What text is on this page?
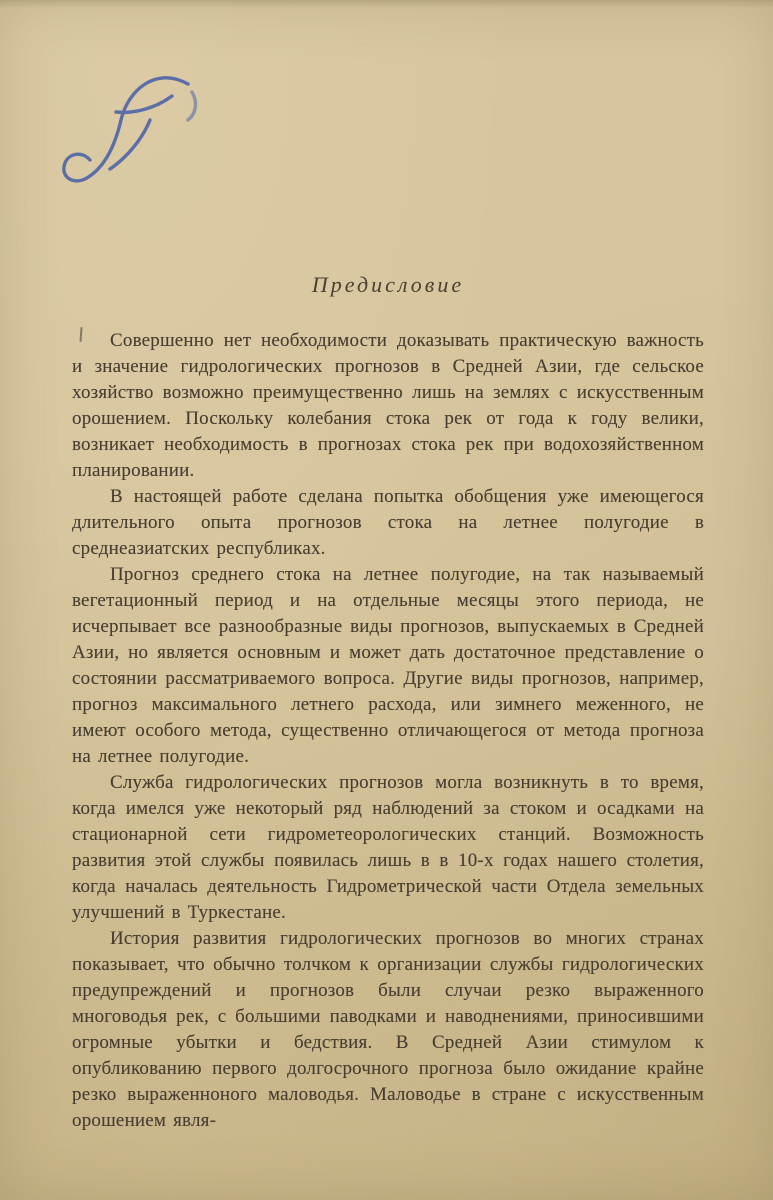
Предисловие

Совершенно нет необходимости доказывать практическую важность и значение гидрологических прогнозов в Средней Азии, где сельское хозяйство возможно преимущественно лишь на землях с искусственным орошением. Поскольку колебания стока рек от года к году велики, возникает необходимость в прогнозах стока рек при водохозяйственном планировании.

В настоящей работе сделана попытка обобщения уже имеющегося длительного опыта прогнозов стока на летнее полугодие в среднеазиатских республиках.

Прогноз среднего стока на летнее полугодие, на так называемый вегетационный период и на отдельные месяцы этого периода, не исчерпывает все разнообразные виды прогнозов, выпускаемых в Средней Азии, но является основным и может дать достаточное представление о состоянии рассматриваемого вопроса. Другие виды прогнозов, например, прогноз максимального летнего расхода, или зимнего меженного, не имеют особого метода, существенно отличающегося от метода прогноза на летнее полугодие.

Служба гидрологических прогнозов могла возникнуть в то время, когда имелся уже некоторый ряд наблюдений за стоком и осадками на стационарной сети гидрометеорологических станций. Возможность развития этой службы появилась лишь в в 10-х годах нашего столетия, когда началась деятельность Гидрометрической части Отдела земельных улучшений в Туркестане.

История развития гидрологических прогнозов во многих странах показывает, что обычно толчком к организации службы гидрологических предупреждений и прогнозов были случаи резко выраженного многоводья рек, с большими паводками и наводнениями, приносившими огромные убытки и бедствия. В Средней Азии стимулом к опубликованию первого долгосрочного прогноза было ожидание крайне резко выраженноного маловодья. Маловодье в стране с искусственным орошением явля-
